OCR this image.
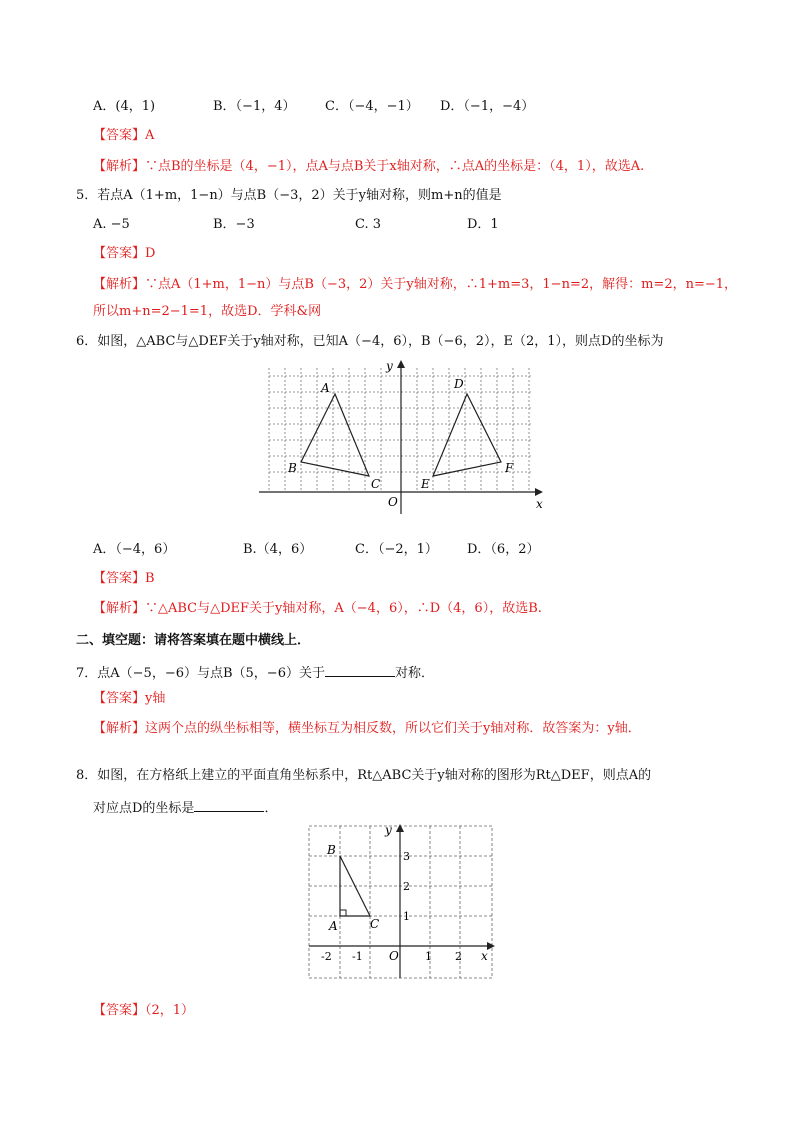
A．(4，1)	B．（−1，4） C．（−4，−1） D．（−1，−4）
【答案】A
【解析】∵点B的坐标是（4，−1），点A与点B关于x轴对称，∴点A的坐标是：（4，1），故选A.
5．若点A（1+m，1−n）与点B（−3，2）关于y轴对称，则m+n的值是
A. −5	B．−3	C. 3	D．1
【答案】D
【解析】∵点A（1+m，1−n）与点B（−3，2）关于y轴对称，∴1+m=3，1−n=2，解得：m=2，n=−1，
所以m+n=2−1=1，故选D．学科&网
6．如图，△ABC与△DEF关于y轴对称，已知A（−4，6），B（−6，2），E（2，1），则点D的坐标为
A
B
C
D
E
F
O	x
y
A．（−4，6）	B.（4，6）	C．（−2，1） D．（6，2）
【答案】B
【解析】∵△ABC与△DEF关于y轴对称，A（−4，6），∴D（4，6），故选B.
二、填空题：请将答案填在题中横线上．
7．点A（−5，−6）与点B（5，−6）关于	对称．
【答案】y轴
【解析】这两个点的纵坐标相等，横坐标互为相反数，所以它们关于y轴对称．故答案为：y轴．
8．如图，在方格纸上建立的平面直角坐标系中，Rt△ABC关于y轴对称的图形为Rt△DEF，则点A的
对应点D的坐标是	．
B
A	C
O	x
y
-2 -1	1 2
1
2
3
【答案】（2，1）
